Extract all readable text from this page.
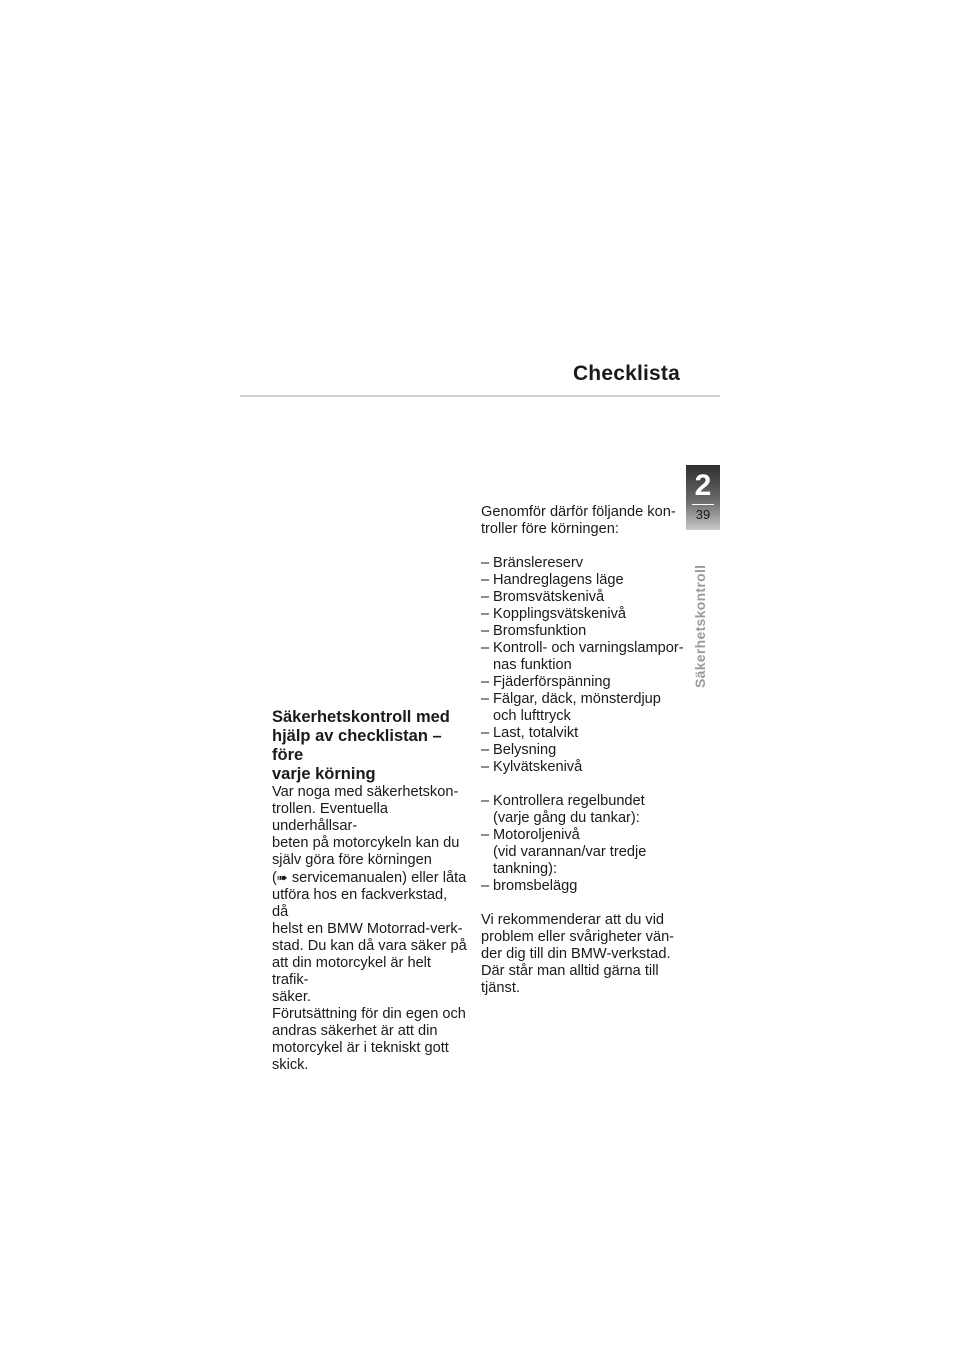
Checklista
2
39
Säkerhetskontroll
Säkerhetskontroll med
hjälp av checklistan – före
varje körning
Var noga med säkerhetskon-
trollen. Eventuella underhållsar-
beten på motorcykeln kan du
själv göra före körningen
(➠ servicemanualen) eller låta
utföra hos en fackverkstad, då
helst en BMW Motorrad-verk-
stad. Du kan då vara säker på
att din motorcykel är helt trafik-
säker.
Förutsättning för din egen och
andras säkerhet är att din
motorcykel är i tekniskt gott
skick.
Genomför därför följande kon-
troller före körningen:
– Bränslereserv
– Handreglagens läge
– Bromsvätskenivå
– Kopplingsvätskenivå
– Bromsfunktion
– Kontroll- och varningslampor-
nas funktion
– Fjäderförspänning
– Fälgar, däck, mönsterdjup
och lufttryck
– Last, totalvikt
– Belysning
– Kylvätskenivå
– Kontrollera regelbundet
(varje gång du tankar):
– Motoroljenivå
(vid varannan/var tredje
tankning):
– bromsbelägg
Vi rekommenderar att du vid
problem eller svårigheter vän-
der dig till din BMW-verkstad.
Där står man alltid gärna till
tjänst.
